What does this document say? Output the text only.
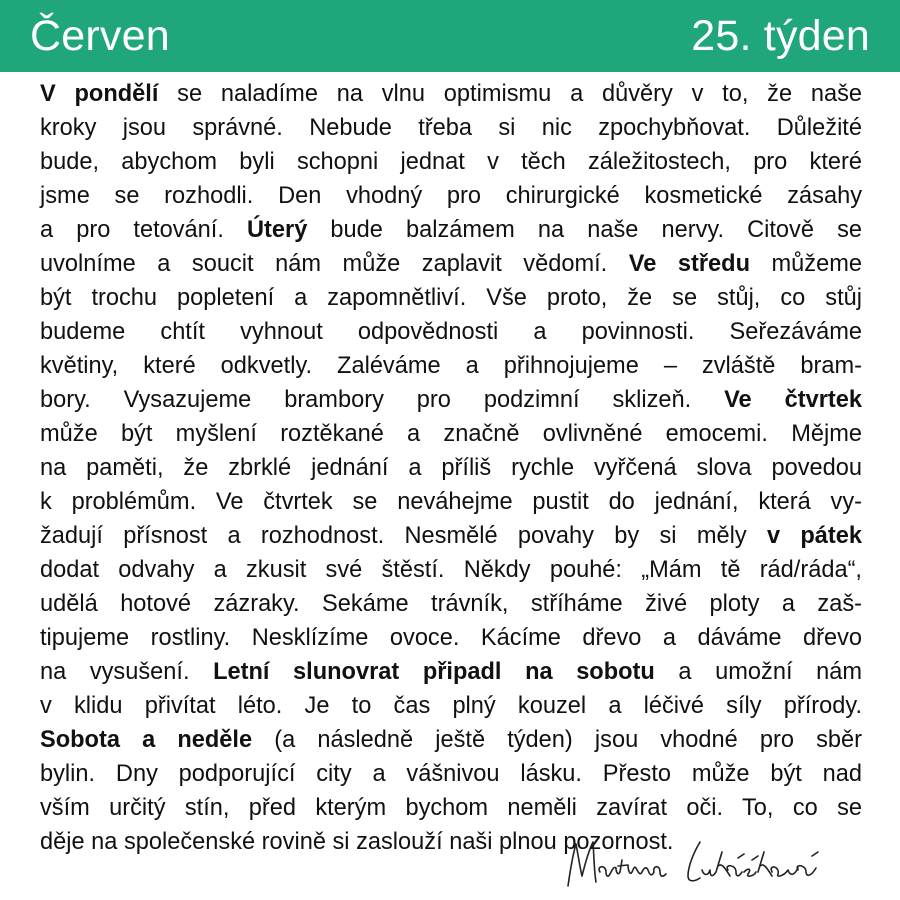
Červen	25. týden
V pondělí se naladíme na vlnu optimismu a důvěry v to, že naše
kroky jsou správné. Nebude třeba si nic zpochybňovat. Důležité
bude, abychom byli schopni jednat v těch záležitostech, pro které
jsme se rozhodli. Den vhodný pro chirurgické kosmetické zásahy
a pro tetování. Úterý bude balzámem na naše nervy. Citově se
uvolníme a soucit nám může zaplavit vědomí. Ve středu můžeme
být trochu popletení a zapomnětliví. Vše proto, že se stůj, co stůj
budeme chtít vyhnout odpovědnosti a povinnosti. Seřezáváme
květiny, které odkvetly. Zaléváme a přihnojujeme – zvláště bram-
bory. Vysazujeme brambory pro podzimní sklizeň. Ve čtvrtek
může být myšlení roztěkané a značně ovlivněné emocemi. Mějme
na paměti, že zbrklé jednání a příliš rychle vyřčená slova povedou
k problémům. Ve čtvrtek se neváhejme pustit do jednání, která vy-
žadují přísnost a rozhodnost. Nesmělé povahy by si měly v pátek
dodat odvahy a zkusit své štěstí. Někdy pouhé: „Mám tě rád/ráda“,
udělá hotové zázraky. Sekáme trávník, stříháme živé ploty a zaš-
tipujeme rostliny. Nesklízíme ovoce. Kácíme dřevo a dáváme dřevo
na vysušení. Letní slunovrat připadl na sobotu a umožní nám
v klidu přivítat léto. Je to čas plný kouzel a léčivé síly přírody.
Sobota a neděle (a následně ještě týden) jsou vhodné pro sběr
bylin. Dny podporující city a vášnivou lásku. Přesto může být nad
vším určitý stín, před kterým bychom neměli zavírat oči. To, co se
děje na společenské rovině si zaslouží naši plnou pozornost.
